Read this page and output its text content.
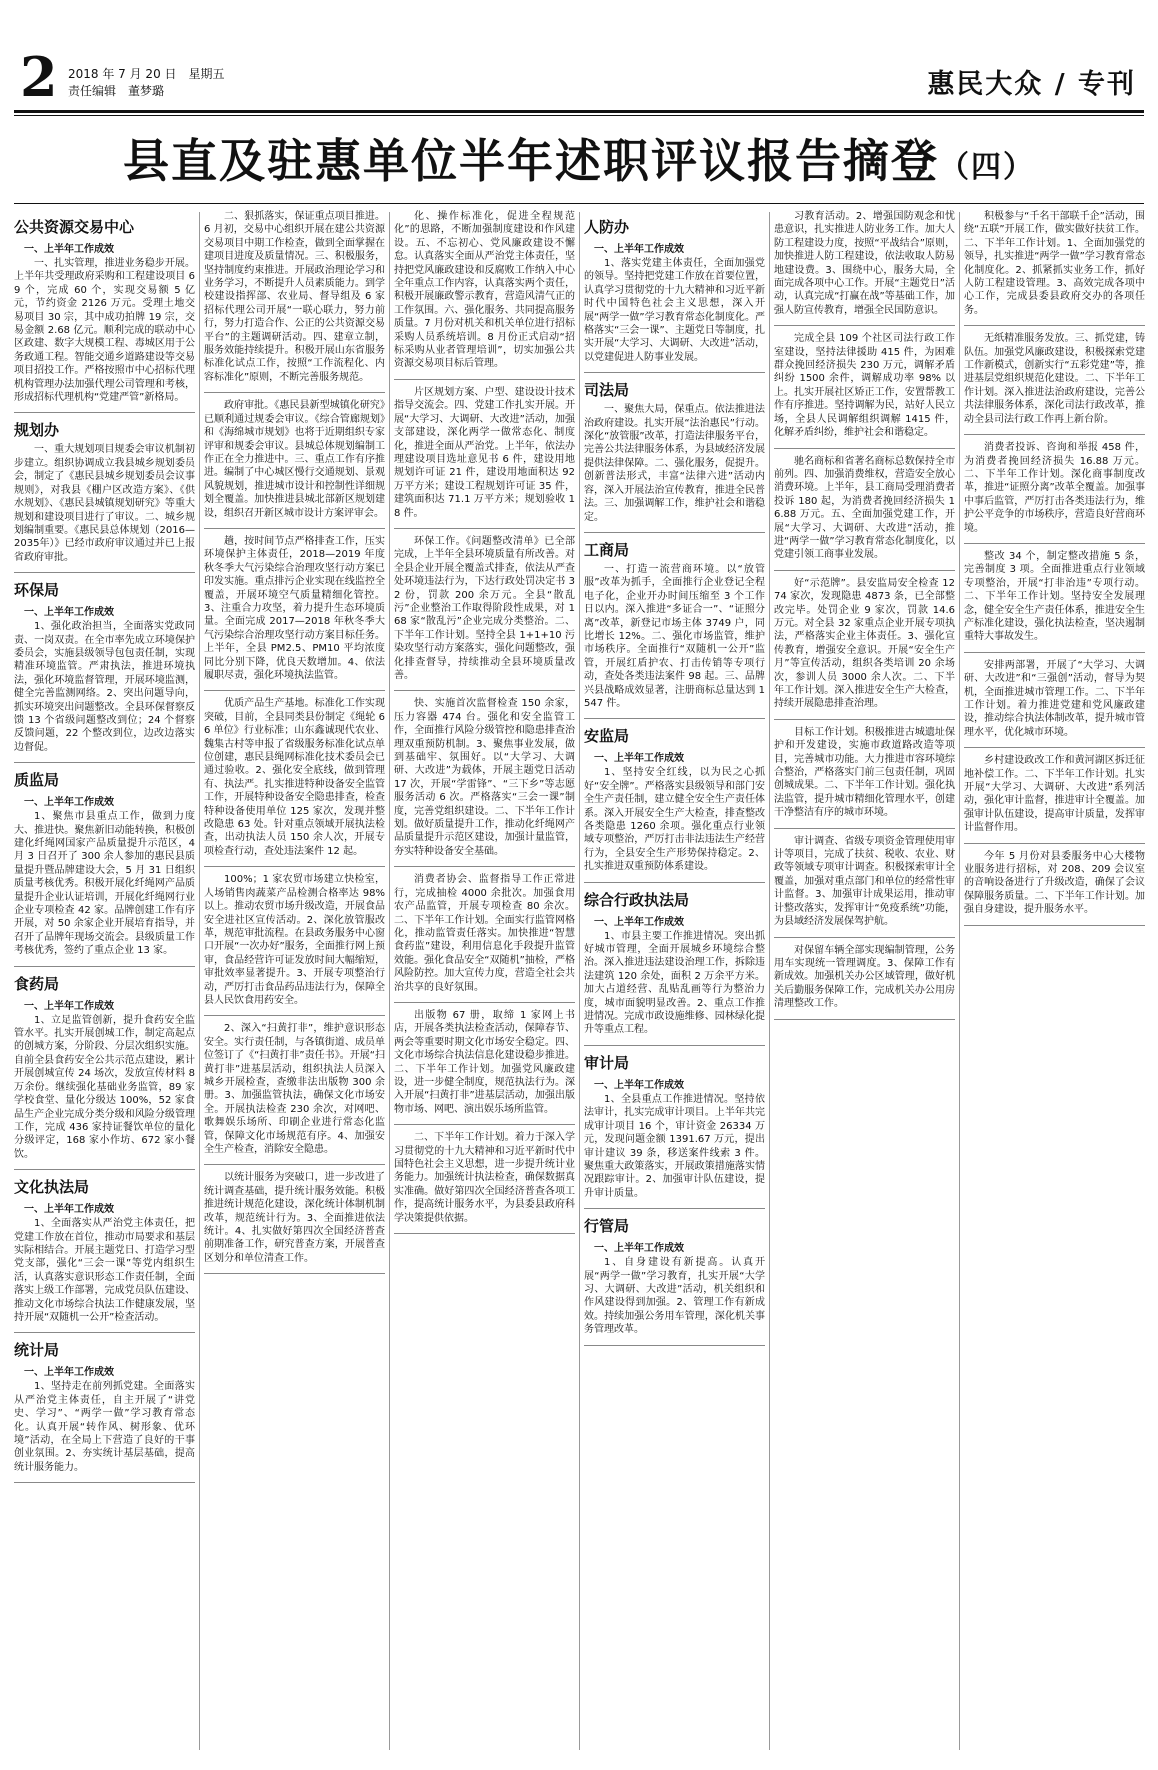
2 2018 年 7 月 20 日　星期五
责任编辑　董梦璐	惠民大众 / 专刊
县直及驻惠单位半年述职评议报告摘登（四）
公共资源交易中心
一、上半年工作成效

一、扎实管理，推进业务稳步开展。上半年共受理政府采购和工程建设项目 69 个，完成 60 个，实现交易额 5 亿元，节约资金 2126 万元。受理土地交易项目 30 宗，其中成功拍牌 19 宗，交易金额 2.68 亿元。顺利完成的联动中心区政建、数字大规模工程、毒城区用于公务政通工程。智能交通乡道路建设等交易项目招投工作。严格按照市中心招标代理机构管理办法加强代理公司管理和考核，形成招标代理机构“党建严管”新格局。

规划办

一、重大规划项目规委会审议机制初步建立。组织协调成立我县城乡规划委员会，制定了《惠民县城乡规划委员会议事规则》，对我县《棚户区改造方案》、《供水规划》、《惠民县城镇规划研究》等重大规划和建设项目进行了审议。二、城乡规划编制重要。《惠民县总体规划（2016—2035年）》已经市政府审议通过并已上报省政府审批。

环保局
一、上半年工作成效

1、强化政治担当，全面落实党政同责、一岗双责。在全市率先成立环境保护委员会，实施县级领导包包责任制，实现精准环境监管。严肃执法，推进环境执法，强化环境监督管理，开展环境监测，健全完善监测网络。2、突出问题导向，抓实环境突出问题整改。全县环保督察反馈 13 个省级问题整改到位；24 个督察反馈问题，22 个整改到位，边改边落实边督促。

质监局
一、上半年工作成效

1、聚焦市县重点工作，做到力度大、推进快。聚焦新旧动能转换，积极创建化纤绳网国家产品质量提升示范区，4 月 3 日召开了 300 余人参加的惠民县质量提升暨品牌建设大会，5 月 31 日组织质量考核优秀。积极开展化纤绳网产品质量提升企业认证培训，开展化纤绳网行业企业专项检查 42 家。品牌创建工作有序开展，对 50 余家企业开展培育指导，并召开了品牌年现场交流会。县级质量工作考核优秀，签约了重点企业 13 家。

食药局
一、上半年工作成效

1、立足监管创新，提升食药安全监管水平。扎实开展创城工作，制定高起点的创城方案，分阶段、分层次组织实施。自前全县食药安全公共示范点建设，累计开展创城宣传 24 场次，发放宣传材料 8 万余份。继续强化基础业务监管，89 家学校食堂、量化分级达 100%，52 家食品生产企业完成分类分级和风险分级管理工作，完成 436 家持证餐饮单位的量化分级评定，168 家小作坊、672 家小餐饮。

文化执法局
一、上半年工作成效

1、全面落实从严治党主体责任，把党建工作放在首位，推动市局要求和基层实际相结合。开展主题党日、打造学习型党支部，强化“三会一课”等党内组织生活，认真落实意识形态工作责任制，全面落实上级工作部署，完成党员队伍建设、推动文化市场综合执法工作健康发展，坚持开展“双随机一公开”检查活动。

统计局
一、上半年工作成效

1、坚持走在前列抓党建。全面落实从严治党主体责任，自主开展了“讲党史、学习”、“两学一做”学习教育常态化。认真开展“转作风、树形象、优环境”活动，在全局上下营造了良好的干事创业氛围。2、夯实统计基层基础，提高统计服务能力。

二、狠抓落实，保证重点项目推进。6 月初，交易中心组织开展在建公共资源交易项目中期工作检查，做到全面掌握在建项目进度及质量情况。三、积极服务，坚持制度约束推进。开展政治理论学习和业务学习，不断提升人员素质能力。到学校建设指挥部、农业局、督导组及 6 家招标代理公司开展“一联心联力，努力前行，努力打造合作、公正的公共资源交易平台”的主题调研活动。四、建章立制，服务效能持续提升。积极开展山东省服务标准化试点工作，按照“工作流程化、内容标准化”原则，不断完善服务规范。

政府审批。《惠民县新型城镇化研究》已顺利通过规委会审议。《综合管廊规划》和《海绵城市规划》也将于近期组织专家评审和规委会审议。县城总体规划编制工作正在全力推进中。三、重点工作有序推进。编制了中心城区慢行交通规划、景观风貌规划，推进城市设计和控制性详细规划全覆盖。加快推进县城北部新区规划建设，组织召开新区城市设计方案评审会。

趟，按时间节点严格排查工作，压实环境保护主体责任，2018—2019 年度秋冬季大气污染综合治理攻坚行动方案已印发实施。重点排污企业实现在线监控全覆盖，开展环境空气质量精细化管控。3、注重合力攻坚，着力提升生态环境质量。全面完成 2017—2018 年秋冬季大气污染综合治理攻坚行动方案目标任务。上半年，全县 PM2.5、PM10 平均浓度同比分别下降，优良天数增加。4、依法履职尽责，强化环境执法监管。

优质产品生产基地。标准化工作实现突破，目前，全县同类县份制定《绳轮 66 单位》行业标准；山东鑫诚现代农业、魏集古村等申报了省级服务标准化试点单位创建，惠民县绳网标准化技术委员会已通过验收。2、强化安全底线，做到管理有、执法严。扎实推进特种设备安全监管工作，开展特种设备安全隐患排查，检查特种设备使用单位 125 家次，发现并整改隐患 63 处。针对重点领域开展执法检查，出动执法人员 150 余人次，开展专项检查行动，查处违法案件 12 起。

100%；1 家农贸市场建立快检室，人场销售肉蔬菜产品检测合格率达 98% 以上。推动农贸市场升级改造，开展食品安全进社区宣传活动。2、深化放管服改革，规范审批流程。在县政务服务中心窗口开展“一次办好”服务，全面推行网上预审，食品经营许可证发放时间大幅缩短，审批效率显著提升。3、开展专项整治行动，严厉打击食品药品违法行为，保障全县人民饮食用药安全。

2、深入“扫黄打非”，维护意识形态安全。实行责任制，与各镇街道、成员单位签订了《“扫黄打非”责任书》。开展“扫黄打非”进基层活动，组织执法人员深入城乡开展检查，查缴非法出版物 300 余册。3、加强监管执法，确保文化市场安全。开展执法检查 230 余次，对网吧、歌舞娱乐场所、印刷企业进行常态化监管，保障文化市场规范有序。4、加强安全生产检查，消除安全隐患。

以统计服务为突破口，进一步改进了统计调查基础，提升统计服务效能。积极推进统计规范化建设，深化统计体制机制改革，规范统计行为。3、全面推进依法统计。4、扎实做好第四次全国经济普查前期准备工作，研究普查方案，开展普查区划分和单位清查工作。

化、操作标准化，促进全程规范化”的思路，不断加强制度建设和作风建设。五、不忘初心、党风廉政建设不懈怠。认真落实全面从严治党主体责任，坚持把党风廉政建设和反腐败工作纳入中心全年重点工作内容，认真落实两个责任，积极开展廉政警示教育，营造风清气正的工作氛围。六、强化服务、共同提高服务质量。7 月份对机关和机关单位进行招标采购人员系统培训。8 月份正式启动“招标采购从业者管理培训”，切实加强公共资源交易项目标后管理。

片区规划方案、户型、建设设计技术指导交流会。四、党建工作扎实开展。开展“大学习、大调研、大改进”活动，加强支部建设，深化两学一做常态化、制度化，推进全面从严治党。上半年，依法办理建设项目选址意见书 6 件，建设用地规划许可证 21 件，建设用地面积达 92 万平方米；建设工程规划许可证 35 件，建筑面积达 71.1 万平方米；规划验收 18 件。

环保工作。《问题整改清单》已全部完成，上半年全县环境质量有所改善。对全县企业开展全覆盖式排查，依法从严查处环境违法行为，下达行政处罚决定书 32 份，罚款 200 余万元。全县“散乱污”企业整治工作取得阶段性成果，对 168 家“散乱污”企业完成分类整治。二、下半年工作计划。坚持全县 1+1+10 污染攻坚行动方案落实，强化问题整改，强化排查督导，持续推动全县环境质量改善。

快、实施首次监督检查 150 余家，压力容器 474 台。强化和安全监管工作，全面推行风险分级管控和隐患排查治理双重预防机制。3、聚焦事业发展，做到基础牢、氛围好。以“大学习、大调研、大改进”为载体，开展主题党日活动 17 次，开展“学雷锋”、“三下乡”等志愿服务活动 6 次。严格落实“三会一课”制度，完善党组织建设。二、下半年工作计划。做好质量提升工作，推动化纤绳网产品质量提升示范区建设，加强计量监管，夯实特种设备安全基础。

消费者协会、监督指导工作正常进行，完成抽检 4000 余批次。加强食用农产品监管，开展专项检查 80 余次。二、下半年工作计划。全面实行监管网格化，推动监管责任落实。加快推进“智慧食药监”建设，利用信息化手段提升监管效能。强化食品安全“双随机”抽检，严格风险防控。加大宣传力度，营造全社会共治共享的良好氛围。

出版物 67 册，取缔 1 家网上书店，开展各类执法检查活动，保障春节、两会等重要时期文化市场安全稳定。四、文化市场综合执法信息化建设稳步推进。二、下半年工作计划。加强党风廉政建设，进一步健全制度，规范执法行为。深入开展“扫黄打非”进基层活动，加强出版物市场、网吧、演出娱乐场所监管。

二、下半年工作计划。着力于深入学习贯彻党的十九大精神和习近平新时代中国特色社会主义思想，进一步提升统计业务能力。加强统计执法检查，确保数据真实准确。做好第四次全国经济普查各项工作，提高统计服务水平，为县委县政府科学决策提供依据。

人防办
一、上半年工作成效

1、落实党建主体责任，全面加强党的领导。坚持把党建工作放在首要位置，认真学习贯彻党的十九大精神和习近平新时代中国特色社会主义思想，深入开展“两学一做”学习教育常态化制度化。严格落实“三会一课”、主题党日等制度，扎实开展“大学习、大调研、大改进”活动，以党建促进人防事业发展。

司法局

一、聚焦大局，保重点。依法推进法治政府建设。扎实开展“法治惠民”行动。深化“放管服”改革，打造法律服务平台，完善公共法律服务体系，为县域经济发展提供法律保障。二、强化服务，促提升。创新普法形式，丰富“法律六进”活动内容，深入开展法治宣传教育，推进全民普法。三、加强调解工作，维护社会和谐稳定。

工商局

一、打造一流营商环境。以“放管服”改革为抓手，全面推行企业登记全程电子化，企业开办时间压缩至 3 个工作日以内。深入推进“多证合一”、“证照分离”改革，新登记市场主体 3749 户，同比增长 12%。二、强化市场监管，维护市场秩序。全面推行“双随机一公开”监管，开展红盾护农、打击传销等专项行动，查处各类违法案件 98 起。三、品牌兴县战略成效显著，注册商标总量达到 1547 件。

安监局
一、上半年工作成效

1、坚持安全红线，以为民之心抓好“安全牌”。严格落实县级领导和部门安全生产责任制，建立健全安全生产责任体系。深入开展安全生产大检查，排查整改各类隐患 1260 余项。强化重点行业领域专项整治，严厉打击非法违法生产经营行为，全县安全生产形势保持稳定。2、扎实推进双重预防体系建设。

综合行政执法局
一、上半年工作成效

1、市县主要工作推进情况。突出抓好城市管理，全面开展城乡环境综合整治。深入推进违法建设治理工作，拆除违法建筑 120 余处，面积 2 万余平方米。加大占道经营、乱贴乱画等行为整治力度，城市面貌明显改善。2、重点工作推进情况。完成市政设施维修、园林绿化提升等重点工程。

审计局
一、上半年工作成效

1、全县重点工作推进情况。坚持依法审计，扎实完成审计项目。上半年共完成审计项目 16 个，审计资金 26334 万元，发现问题金额 1391.67 万元，提出审计建议 39 条，移送案件线索 3 件。聚焦重大政策落实，开展政策措施落实情况跟踪审计。2、加强审计队伍建设，提升审计质量。

行管局
一、上半年工作成效

1、自身建设有新提高。认真开展“两学一做”学习教育，扎实开展“大学习、大调研、大改进”活动，机关组织和作风建设得到加强。2、管理工作有新成效。持续加强公务用车管理，深化机关事务管理改革。

习教育活动。2、增强国防观念和忧患意识，扎实推进人防业务工作。加大人防工程建设力度，按照“平战结合”原则，加快推进人防工程建设，依法收取人防易地建设费。3、围绕中心，服务大局，全面完成各项中心工作。开展“主题党日”活动，认真完成“打赢在战”等基础工作，加强人防宣传教育，增强全民国防意识。

完成全县 109 个社区司法行政工作室建设，坚持法律援助 415 件，为困难群众挽回经济损失 230 万元，调解矛盾纠纷 1500 余件，调解成功率 98% 以上。扎实开展社区矫正工作，安置帮教工作有序推进。坚持调解为民，站好人民立场，全县人民调解组织调解 1415 件，化解矛盾纠纷，维护社会和谐稳定。

驰名商标和省著名商标总数保持全市前列。四、加强消费维权，营造安全放心消费环境。上半年，县工商局受理消费者投诉 180 起，为消费者挽回经济损失 16.88 万元。五、全面加强党建工作，开展“大学习、大调研、大改进”活动，推进“两学一做”学习教育常态化制度化，以党建引领工商事业发展。

好“示范牌”。县安监局安全检查 1274 家次，发现隐患 4873 条，已全部整改完毕。处罚企业 9 家次，罚款 14.6 万元。对全县 32 家重点企业开展专项执法，严格落实企业主体责任。3、强化宣传教育，增强安全意识。开展“安全生产月”等宣传活动，组织各类培训 20 余场次，参训人员 3000 余人次。二、下半年工作计划。深入推进安全生产大检查，持续开展隐患排查治理。

目标工作计划。积极推进古城遗址保护和开发建设，实施市政道路改造等项目，完善城市功能。大力推进市容环境综合整治，严格落实门前三包责任制，巩固创城成果。二、下半年工作计划。强化执法监管，提升城市精细化管理水平，创建干净整洁有序的城市环境。

审计调查、省级专项资金管理使用审计等项目，完成了扶贫、税收、农业、财政等领域专项审计调查。积极探索审计全覆盖，加强对重点部门和单位的经常性审计监督。3、加强审计成果运用，推动审计整改落实，发挥审计“免疫系统”功能，为县域经济发展保驾护航。

对保留车辆全部实现编制管理，公务用车实现统一管理调度。3、保障工作有新成效。加强机关办公区域管理，做好机关后勤服务保障工作，完成机关办公用房清理整改工作。

积极参与“千名干部联千企”活动，围绕“五联”开展工作，做实做好扶贫工作。二、下半年工作计划。1、全面加强党的领导，扎实推进“两学一做”学习教育常态化制度化。2、抓紧抓实业务工作，抓好人防工程建设管理。3、高效完成各项中心工作，完成县委县政府交办的各项任务。

无纸精准服务发放。三、抓党建，铸队伍。加强党风廉政建设，积极探索党建工作新模式，创新实行“五彩党建”等，推进基层党组织规范化建设。二、下半年工作计划。深入推进法治政府建设，完善公共法律服务体系，深化司法行政改革，推动全县司法行政工作再上新台阶。

消费者投诉、咨询和举报 458 件，为消费者挽回经济损失 16.88 万元。二、下半年工作计划。深化商事制度改革，推进“证照分离”改革全覆盖。加强事中事后监管，严厉打击各类违法行为，维护公平竞争的市场秩序，营造良好营商环境。

整改 34 个，制定整改措施 5 条，完善制度 3 项。全面推进重点行业领域专项整治，开展“打非治违”专项行动。二、下半年工作计划。坚持安全发展理念，健全安全生产责任体系，推进安全生产标准化建设，强化执法检查，坚决遏制重特大事故发生。

安排两部署，开展了“大学习、大调研、大改进”和“三强创”活动，督导为契机，全面推进城市管理工作。二、下半年工作计划。着力推进党建和党风廉政建设，推动综合执法体制改革，提升城市管理水平，优化城市环境。

乡村建设政改工作和黄河湖区拆迁征地补偿工作。二、下半年工作计划。扎实开展“大学习、大调研、大改进”系列活动，强化审计监督，推进审计全覆盖。加强审计队伍建设，提高审计质量，发挥审计监督作用。

今年 5 月份对县委服务中心大楼物业服务进行招标，对 208、209 会议室的音响设备进行了升级改造，确保了会议保障服务质量。二、下半年工作计划。加强自身建设，提升服务水平。
